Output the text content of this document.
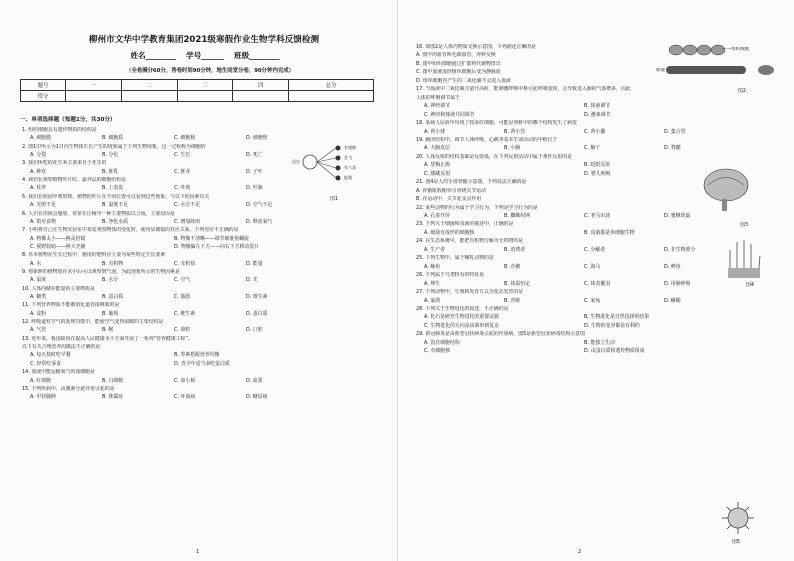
柳州市文华中学教育集团2021级寒假作业生物学科反馈检测
姓名________ 学号______ 班级________
（全卷满分60分，答卷时间90分钟，地生同堂分卷，90分钟内完成）
题号	一	二	三	四	总分
得分					
一、单项选择题（每题1分，共30分）
1. 组织细胞具有遗传物质的结构是
A. 细胞膜	B. 细胞质	C. 细胞核	D. 细胞壁
2. 图1中所示为1日内生物体生长产生的现象属于下列生物现象，这一过程称为细胞的
A. 分裂	B. 分化	C. 生长	D. 死亡
3. 我们所吃的花生米主要来自于花生的
A. 种皮	B. 胚乳	C. 胚芽	D. 子叶
4. 我们在观察植物叶片时，最外层的细胞结构是
A. 柱形	B. 上表皮	C. 叶肉	D. 叶脉
5. 我们在校园中观察到，植物的叶片在不同位置可以看到这些现象，与以下的因素有关
A. 光照不足	B. 温度不足	C. 水分不足	D. 空气不足
6. 人们在田间会施加，常常在庄稼中一种主要物质以合成，主要原因是
A. 供应食物	B. 净化水质	C. 增加降雨	D. 释放氧气
7. 小明将自己在生物实验室中某处观察物体的变化时，使用显微镜的对应关系，下列对应不正确的是
A. 物像太小——换高倍镜	B. 物像不清晰——调节细准焦螺旋
C. 视野较暗——换大光圈	D. 物像偏左下方——向右下方移动装片
8. 草本植物在生长过程中，施用的肥料应主要为某些特定生长要素
A. 水	B. 有机物	C. 无机盐	D. 能量
9. 将新鲜的植物放在水中后可以观察到气泡，为此现象所示的生物因素是
A. 温度	B. 水分	C. 空气	D. 光
10. 人体内储存能量的主要物质是
A. 糖类	B. 蛋白质	C. 脂肪	D. 维生素
11. 下列营养物质不能被消化道直接吸收的是
A. 淀粉	B. 葡萄	C. 维生素	D. 蛋白质
12. 呼吸道对空气的处理功能中，能使空气变得温暖的主要结构是
A. 气管	B. 喉	C. 鼻腔	D. 口腔
13. 近年来，我国政府在提高人民健康水平方面开展了一系列“营养健康工程”。
以下有关合理营养的做法不正确的是
A. 每天按时吃早餐	B. 荤素搭配营养均衡
C. 经常吃零食	D. 青少年适当多吃蛋白质
14. 血液中能运输氧气的血细胞是
A. 红细胞	B. 白细胞	C. 血小板	D. 血浆
15. 下列疾病中，由激素分泌异常引起的是
A. 甲状腺肿	B. 侏儒症	C. 坏血病	D. 糖尿病
昆虫
有翅膀
会飞
有六条
能爬
图1
1
16. 如图2是人体内物质交换示意图，下列描述正确的是
A. 图中的血管叫毛细血管，养料交换
B. 图中组织细胞通过扩散将代谢物排出
C. 图中血液流经组织细胞后变为静脉血
D. 组织细胞内产生的二氧化碳不会进入血液
17. 当体液中二氧化碳含量升高时，能刺激呼吸中枢引起呼吸加快，会导致进入肺的气体增多，因此
人体的呼吸调节属于
A. 神经调节	B. 体液调节
C. 神经和体液共同调节	D. 激素调节
18. 某病人尿液中出现了较多红细胞，可能是肾脏中的哪个结构发生了病变
A. 肾小球	B. 肾小管	C. 肾小囊	D. 集合管
19. 脑的结构中，调节人体呼吸、心跳等基本生命活动的中枢位于
A. 大脑皮层	B. 小脑	C. 脑干	D. 脊髓
20. 人体反射的结构基础是反射弧，在下列反射活动中属于条件反射的是
A. 望梅止渴	B. 眨眼反射
C. 膝跳反射	D. 婴儿吮吸
21. 图4是人的手部骨骼示意图，下列说法正确的是
A. 骨骼肌收缩牵引骨绕关节运动
B. 在运动中，关节起支点作用
22. 某些动物的行为属于学习行为，下列是学习行为的是
A. 孔雀开屏	B. 蜘蛛织网	C. 老马识途	D. 蜜蜂筑巢
23. 下列关于细菌和真菌的描述中，正确的是
A. 细菌有成形的细胞核	B. 真菌都是单细胞生物
24. 在生态系统中，能把有机物分解为无机物的是
A. 生产者	B. 消费者	C. 分解者	D. 非生物部分
25. 下列生物中，属于哺乳动物的是
A. 鲸鱼	B. 企鹅	C. 海马	D. 鳄鱼
26. 下列属于鸟类特有的特征是
A. 卵生	B. 体温恒定	C. 体表覆羽	D. 用肺呼吸
27. 下列动物中，生殖和发育方式为变态发育的是
A. 家鸽	B. 青蛙	C. 家兔	D. 蜥蜴
28. 下列关于生物进化的叙述，不正确的是
A. 化石是研究生物进化的重要证据	B. 生物进化是自然选择的结果
C. 生物进化的方向是由简单到复杂	D. 生物的变异都是有利的
29. 新冠肺炎是由新型冠状病毒引起的传染病，图5是新型冠状病毒结构示意图
A. 没有细胞结构	B. 能独立生活
C. 有细胞核	D. 由蛋白质和遗传物质组成
——组织细胞
血液
图2
图3
图4
图5
2
